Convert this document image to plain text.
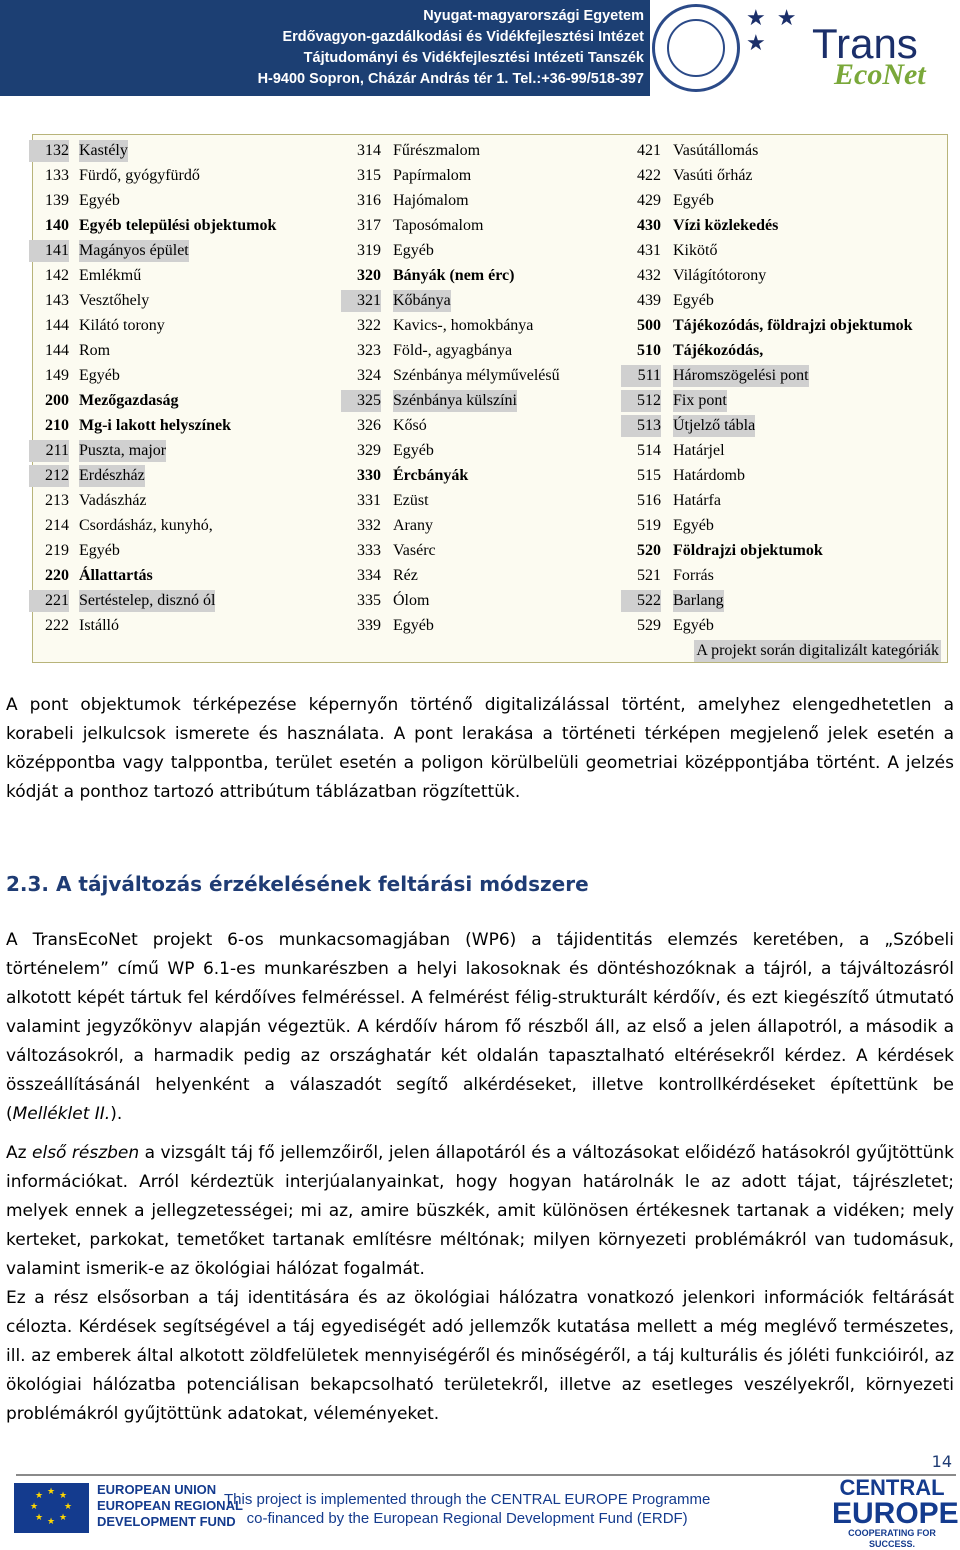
Nyugat-magyarországi Egyetem
Erdővagyon-gazdálkodási és Vidékfejlesztési Intézet
Tájtudományi és Vidékfejlesztési Intézeti Tanszék
H-9400 Sopron, Cházár András tér 1. Tel.:+36-99/518-397
★ ★
★	Trans
EcoNet
A projekt során digitalizált kategóriák
132 Kastély
133 Fürdő, gyógyfürdő
139 Egyéb
140 Egyéb települési objektumok
141 Magányos épület
142 Emlékmű
143 Vesztőhely
144 Kilátó torony
144 Rom
149 Egyéb
200 Mezőgazdaság
210 Mg-i lakott helyszínek
211 Puszta, major
212 Erdészház
213 Vadászház
214 Csordásház, kunyhó,
219 Egyéb
220 Állattartás
221 Sertéstelep, disznó ól
222 Istálló
314 Fűrészmalom
315 Papírmalom
316 Hajómalom
317 Taposómalom
319 Egyéb
320 Bányák (nem érc)
321 Kőbánya
322 Kavics-, homokbánya
323 Föld-, agyagbánya
324 Szénbánya mélyművelésű
325 Szénbánya külszíni
326 Kősó
329 Egyéb
330 Ércbányák
331 Ezüst
332 Arany
333 Vasérc
334 Réz
335 Ólom
339 Egyéb
421 Vasútállomás
422 Vasúti őrház
429 Egyéb
430 Vízi közlekedés
431 Kikötő
432 Világítótorony
439 Egyéb
500 Tájékozódás, földrajzi objektumok
510 Tájékozódás,
511 Háromszögelési pont
512 Fix pont
513 Útjelző tábla
514 Határjel
515 Határdomb
516 Határfa
519 Egyéb
520 Földrajzi objektumok
521 Forrás
522 Barlang
529 Egyéb

A pont objektumok térképezése képernyőn történő digitalizálással történt, amelyhez elengedhetetlen a korabeli jelkulcsok ismerete és használata. A pont lerakása a történeti térképen megjelenő jelek esetén a középpontba vagy talppontba, terület esetén a poligon körülbelüli geometriai középpontjába történt. A jelzés kódját a ponthoz tartozó attribútum táblázatban rögzítettük.

2.3. A tájváltozás érzékelésének feltárási módszere

A TransEcoNet projekt 6-os munkacsomagjában (WP6) a tájidentitás elemzés keretében, a „Szóbeli történelem” című WP 6.1-es munkarészben a helyi lakosoknak és döntéshozóknak a tájról, a tájváltozásról alkotott képét tártuk fel kérdőíves felméréssel. A felmérést félig-strukturált kérdőív, és ezt kiegészítő útmutató valamint jegyzőkönyv alapján végeztük. A kérdőív három fő részből áll, az első a jelen állapotról, a második a változásokról, a harmadik pedig az országhatár két oldalán tapasztalható eltérésekről kérdez. A kérdések összeállításánál helyenként a válaszadót segítő alkérdéseket, illetve kontrollkérdéseket építettünk be (Melléklet II.).

Az első részben a vizsgált táj fő jellemzőiről, jelen állapotáról és a változásokat előidéző hatásokról gyűjtöttünk információkat. Arról kérdeztük interjúalanyainkat, hogy hogyan határolnák le az adott tájat, tájrészletet; melyek ennek a jellegzetességei; mi az, amire büszkék, amit különösen értékesnek tartanak a vidéken; mely kerteket, parkokat, temetőket tartanak említésre méltónak; milyen környezeti problémákról van tudomásuk, valamint ismerik-e az ökológiai hálózat fogalmát.

Ez a rész elsősorban a táj identitására és az ökológiai hálózatra vonatkozó jelenkori információk feltárását célozta. Kérdések segítségével a táj egyediségét adó jellemzők kutatása mellett a még meglévő természetes, ill. az emberek által alkotott zöldfelületek mennyiségéről és minőségéről, a táj kulturális és jóléti funkcióiról, az ökológiai hálózatba potenciálisan bekapcsolható területekről, illetve az esetleges veszélyekről, környezeti problémákról gyűjtöttünk adatokat, véleményeket.

14
★ ★
★
★
★
★
★
★	EUROPEAN UNION
EUROPEAN REGIONAL
DEVELOPMENT FUND
This project is implemented through the CENTRAL EUROPE Programme
co-financed by the European Regional Development Fund (ERDF)
CENTRAL
EUROPE
COOPERATING FOR SUCCESS.
